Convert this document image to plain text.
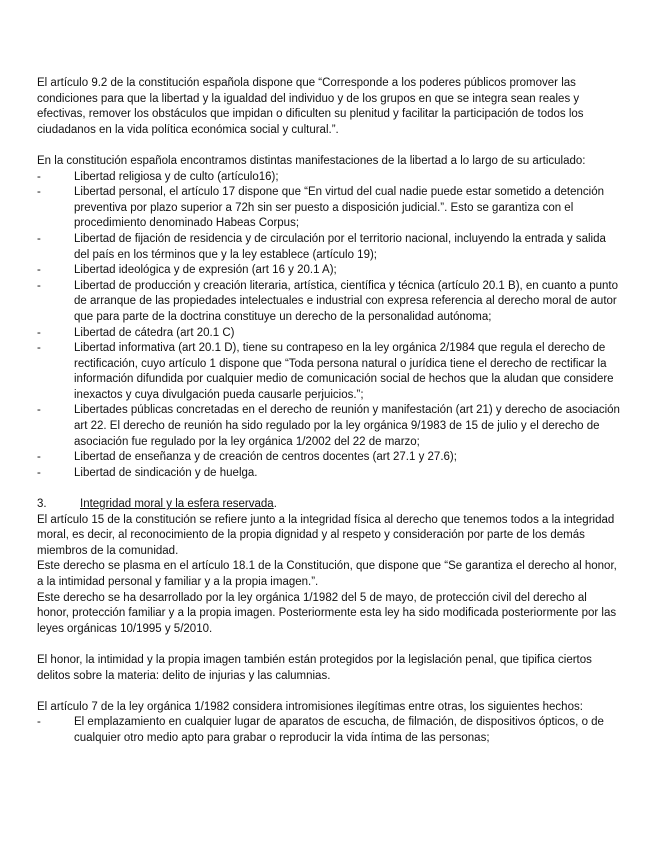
El artículo 9.2 de la constitución española dispone que “Corresponde a los poderes públicos promover las condiciones para que la libertad y la igualdad del individuo y de los grupos en que se integra sean reales y efectivas, remover los obstáculos que impidan o dificulten su plenitud y facilitar la participación de todos los ciudadanos en la vida política económica social y cultural.”.

En la constitución española encontramos distintas manifestaciones de la libertad a lo largo de su articulado:

-	Libertad religiosa y de culto (artículo16);
-	Libertad personal, el artículo 17 dispone que “En virtud del cual nadie puede estar sometido a detención preventiva por plazo superior a 72h sin ser puesto a disposición judicial.”. Esto se garantiza con el procedimiento denominado Habeas Corpus;
-	Libertad de fijación de residencia y de circulación por el territorio nacional, incluyendo la entrada y salida del país en los términos que y la ley establece (artículo 19);
-	Libertad ideológica y de expresión (art 16 y 20.1 A);
-	Libertad de producción y creación literaria, artística, científica y técnica (artículo 20.1 B), en cuanto a punto de arranque de las propiedades intelectuales e industrial con expresa referencia al derecho moral de autor que para parte de la doctrina constituye un derecho de la personalidad autónoma;
-	Libertad de cátedra (art 20.1 C)
-	Libertad informativa (art 20.1 D), tiene su contrapeso en la ley orgánica 2/1984 que regula el derecho de rectificación, cuyo artículo 1 dispone que “Toda persona natural o jurídica tiene el derecho de rectificar la información difundida por cualquier medio de comunicación social de hechos que la aludan que considere inexactos y cuya divulgación pueda causarle perjuicios.”;
-	Libertades públicas concretadas en el derecho de reunión y manifestación (art 21) y derecho de asociación art 22. El derecho de reunión ha sido regulado por la ley orgánica 9/1983 de 15 de julio y el derecho de asociación fue regulado por la ley orgánica 1/2002 del 22 de marzo;
-	Libertad de enseñanza y de creación de centros docentes (art 27.1 y 27.6);
-	Libertad de sindicación y de huelga.
3.	Integridad moral y la esfera reservada.

El artículo 15 de la constitución se refiere junto a la integridad física al derecho que tenemos todos a la integridad moral, es decir, al reconocimiento de la propia dignidad y al respeto y consideración por parte de los demás miembros de la comunidad.

Este derecho se plasma en el artículo 18.1 de la Constitución, que dispone que “Se garantiza el derecho al honor, a la intimidad personal y familiar y a la propia imagen.”.

Este derecho se ha desarrollado por la ley orgánica 1/1982 del 5 de mayo, de protección civil del derecho al honor, protección familiar y a la propia imagen. Posteriormente esta ley ha sido modificada posteriormente por las leyes orgánicas 10/1995 y 5/2010.

El honor, la intimidad y la propia imagen también están protegidos por la legislación penal, que tipifica ciertos delitos sobre la materia: delito de injurias y las calumnias.

El artículo 7 de la ley orgánica 1/1982 considera intromisiones ilegítimas entre otras, los siguientes hechos:

-	El emplazamiento en cualquier lugar de aparatos de escucha, de filmación, de dispositivos ópticos, o de cualquier otro medio apto para grabar o reproducir la vida íntima de las personas;
